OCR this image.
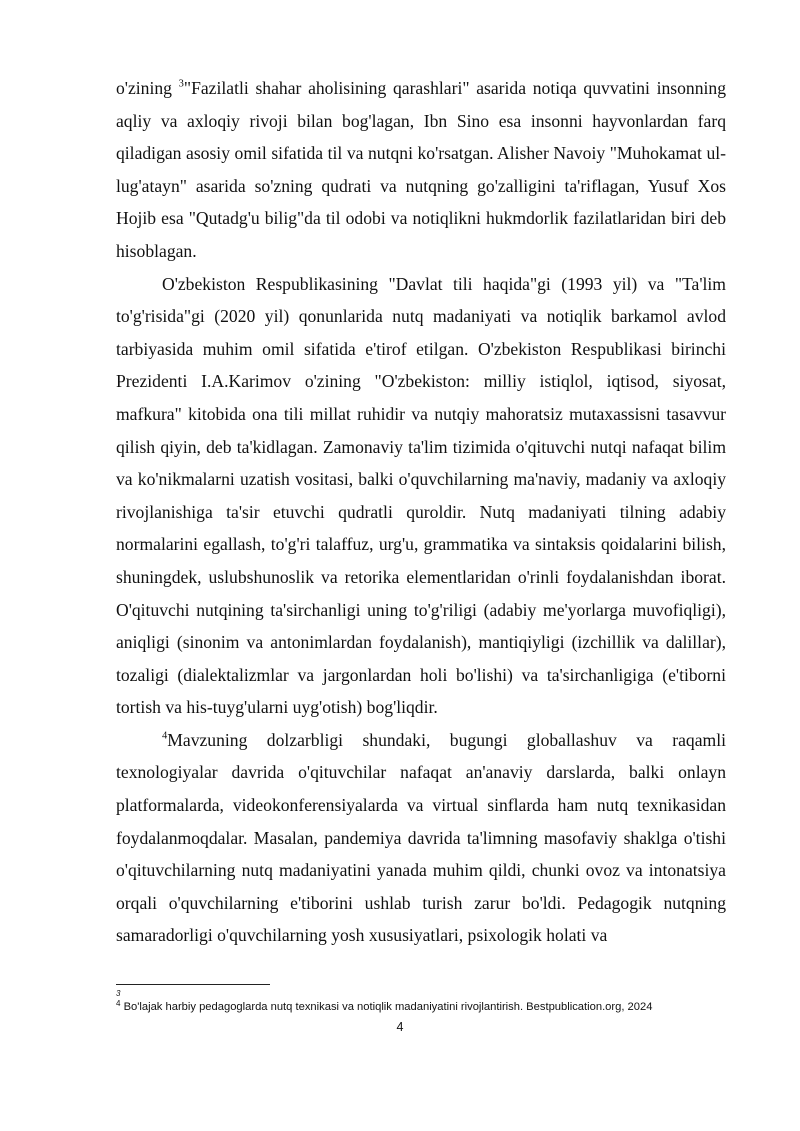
o'zining $^3$"Fazilatli shahar aholisining qarashlari" asarida notiqa quvvatini insonning aqliy va axloqiy rivoji bilan bog'lagan, Ibn Sino esa insonni hayvonlardan farq qiladigan asosiy omil sifatida til va nutqni ko'rsatgan. Alisher Navoiy "Muhokamat ul-lug'atayn" asarida so'zning qudrati va nutqning go'zalligini ta'riflagan, Yusuf Xos Hojib esa "Qutadg'u bilig"da til odobi va notiqlikni hukmdorlik fazilatlaridan biri deb hisoblagan.

O'zbekiston Respublikasining "Davlat tili haqida"gi (1993 yil) va "Ta'lim to'g'risida"gi (2020 yil) qonunlarida nutq madaniyati va notiqlik barkamol avlod tarbiyasida muhim omil sifatida e'tirof etilgan. O'zbekiston Respublikasi birinchi Prezidenti I.A.Karimov o'zining "O'zbekiston: milliy istiqlol, iqtisod, siyosat, mafkura" kitobida ona tili millat ruhidir va nutqiy mahoratsiz mutaxassisni tasavvur qilish qiyin, deb ta'kidlagan. Zamonaviy ta'lim tizimida o'qituvchi nutqi nafaqat bilim va ko'nikmalarni uzatish vositasi, balki o'quvchilarning ma'naviy, madaniy va axloqiy rivojlanishiga ta'sir etuvchi qudratli quroldir. Nutq madaniyati tilning adabiy normalarini egallash, to'g'ri talaffuz, urg'u, grammatika va sintaksis qoidalarini bilish, shuningdek, uslubshunoslik va retorika elementlaridan o'rinli foydalanishdan iborat. O'qituvchi nutqining ta'sirchanligi uning to'g'riligi (adabiy me'yorlarga muvofiqligi), aniqligi (sinonim va antonimlardan foydalanish), mantiqiyligi (izchillik va dalillar), tozaligi (dialektalizmlar va jargonlardan holi bo'lishi) va ta'sirchanligiga (e'tiborni tortish va his-tuyg'ularni uyg'otish) bog'liqdir.

$^4$Mavzuning dolzarbligi shundaki, bugungi globallashuv va raqamli texnologiyalar davrida o'qituvchilar nafaqat an'anaviy darslarda, balki onlayn platformalarda, videokonferensiyalarda va virtual sinflarda ham nutq texnikasidan foydalanmoqdalar. Masalan, pandemiya davrida ta'limning masofaviy shaklga o'tishi o'qituvchilarning nutq madaniyatini yanada muhim qildi, chunki ovoz va intonatsiya orqali o'quvchilarning e'tiborini ushlab turish zarur bo'ldi. Pedagogik nutqning samaradorligi o'quvchilarning yosh xususiyatlari, psixologik holati va

3

$^4$ Bo'lajak harbiy pedagoglarda nutq texnikasi va notiqlik madaniyatini rivojlantirish. Bestpublication.org, 2024

4
